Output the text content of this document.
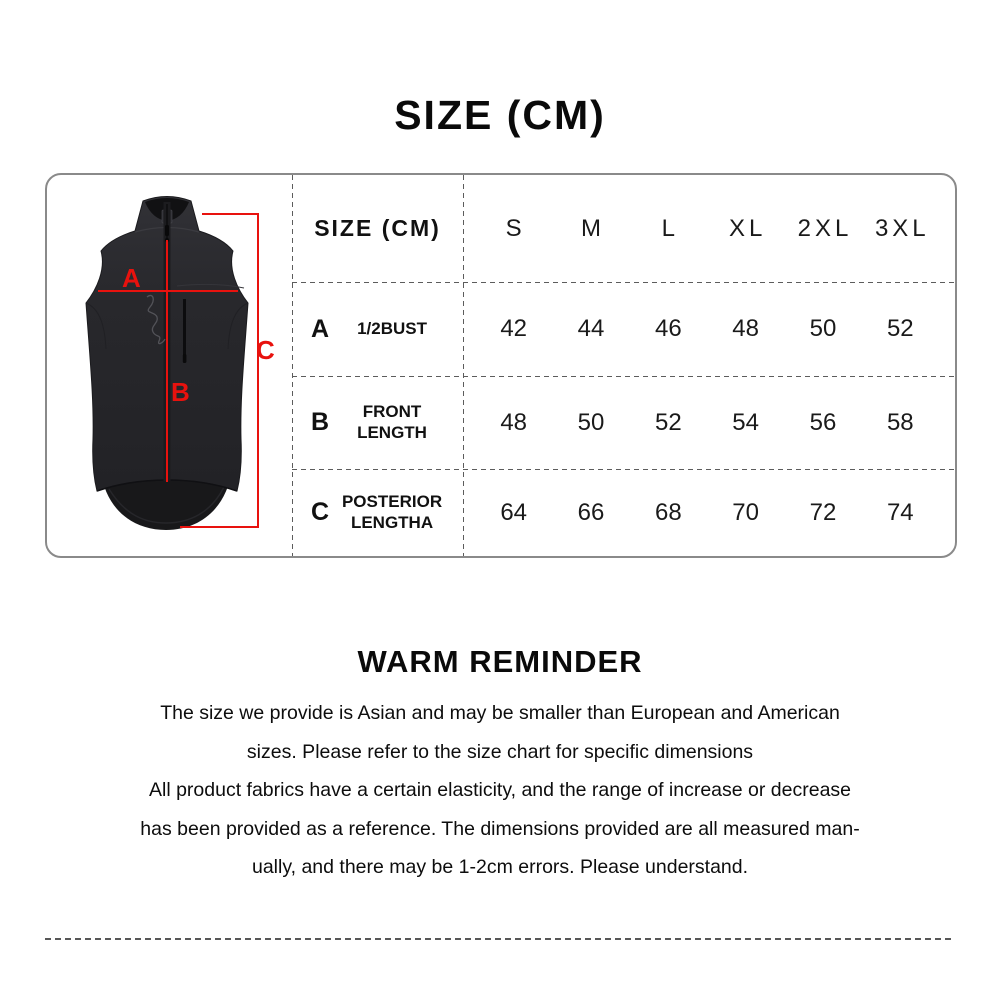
SIZE (CM)
A
B
C
SIZE (CM)	S	M	L	XL	2XL 3XL
A	1/2BUST	42	44	46	48	50	52
B	FRONT LENGTH	48	50	52	54	56	58
C POSTERIOR LENGTHA	64	66	68	70	72	74
WARM REMINDER
The size we provide is Asian and may be smaller than European and American
sizes. Please refer to the size chart for specific dimensions
All product fabrics have a certain elasticity, and the range of increase or decrease
has been provided as a reference. The dimensions provided are all measured man-
ually, and there may be 1-2cm errors. Please understand.
